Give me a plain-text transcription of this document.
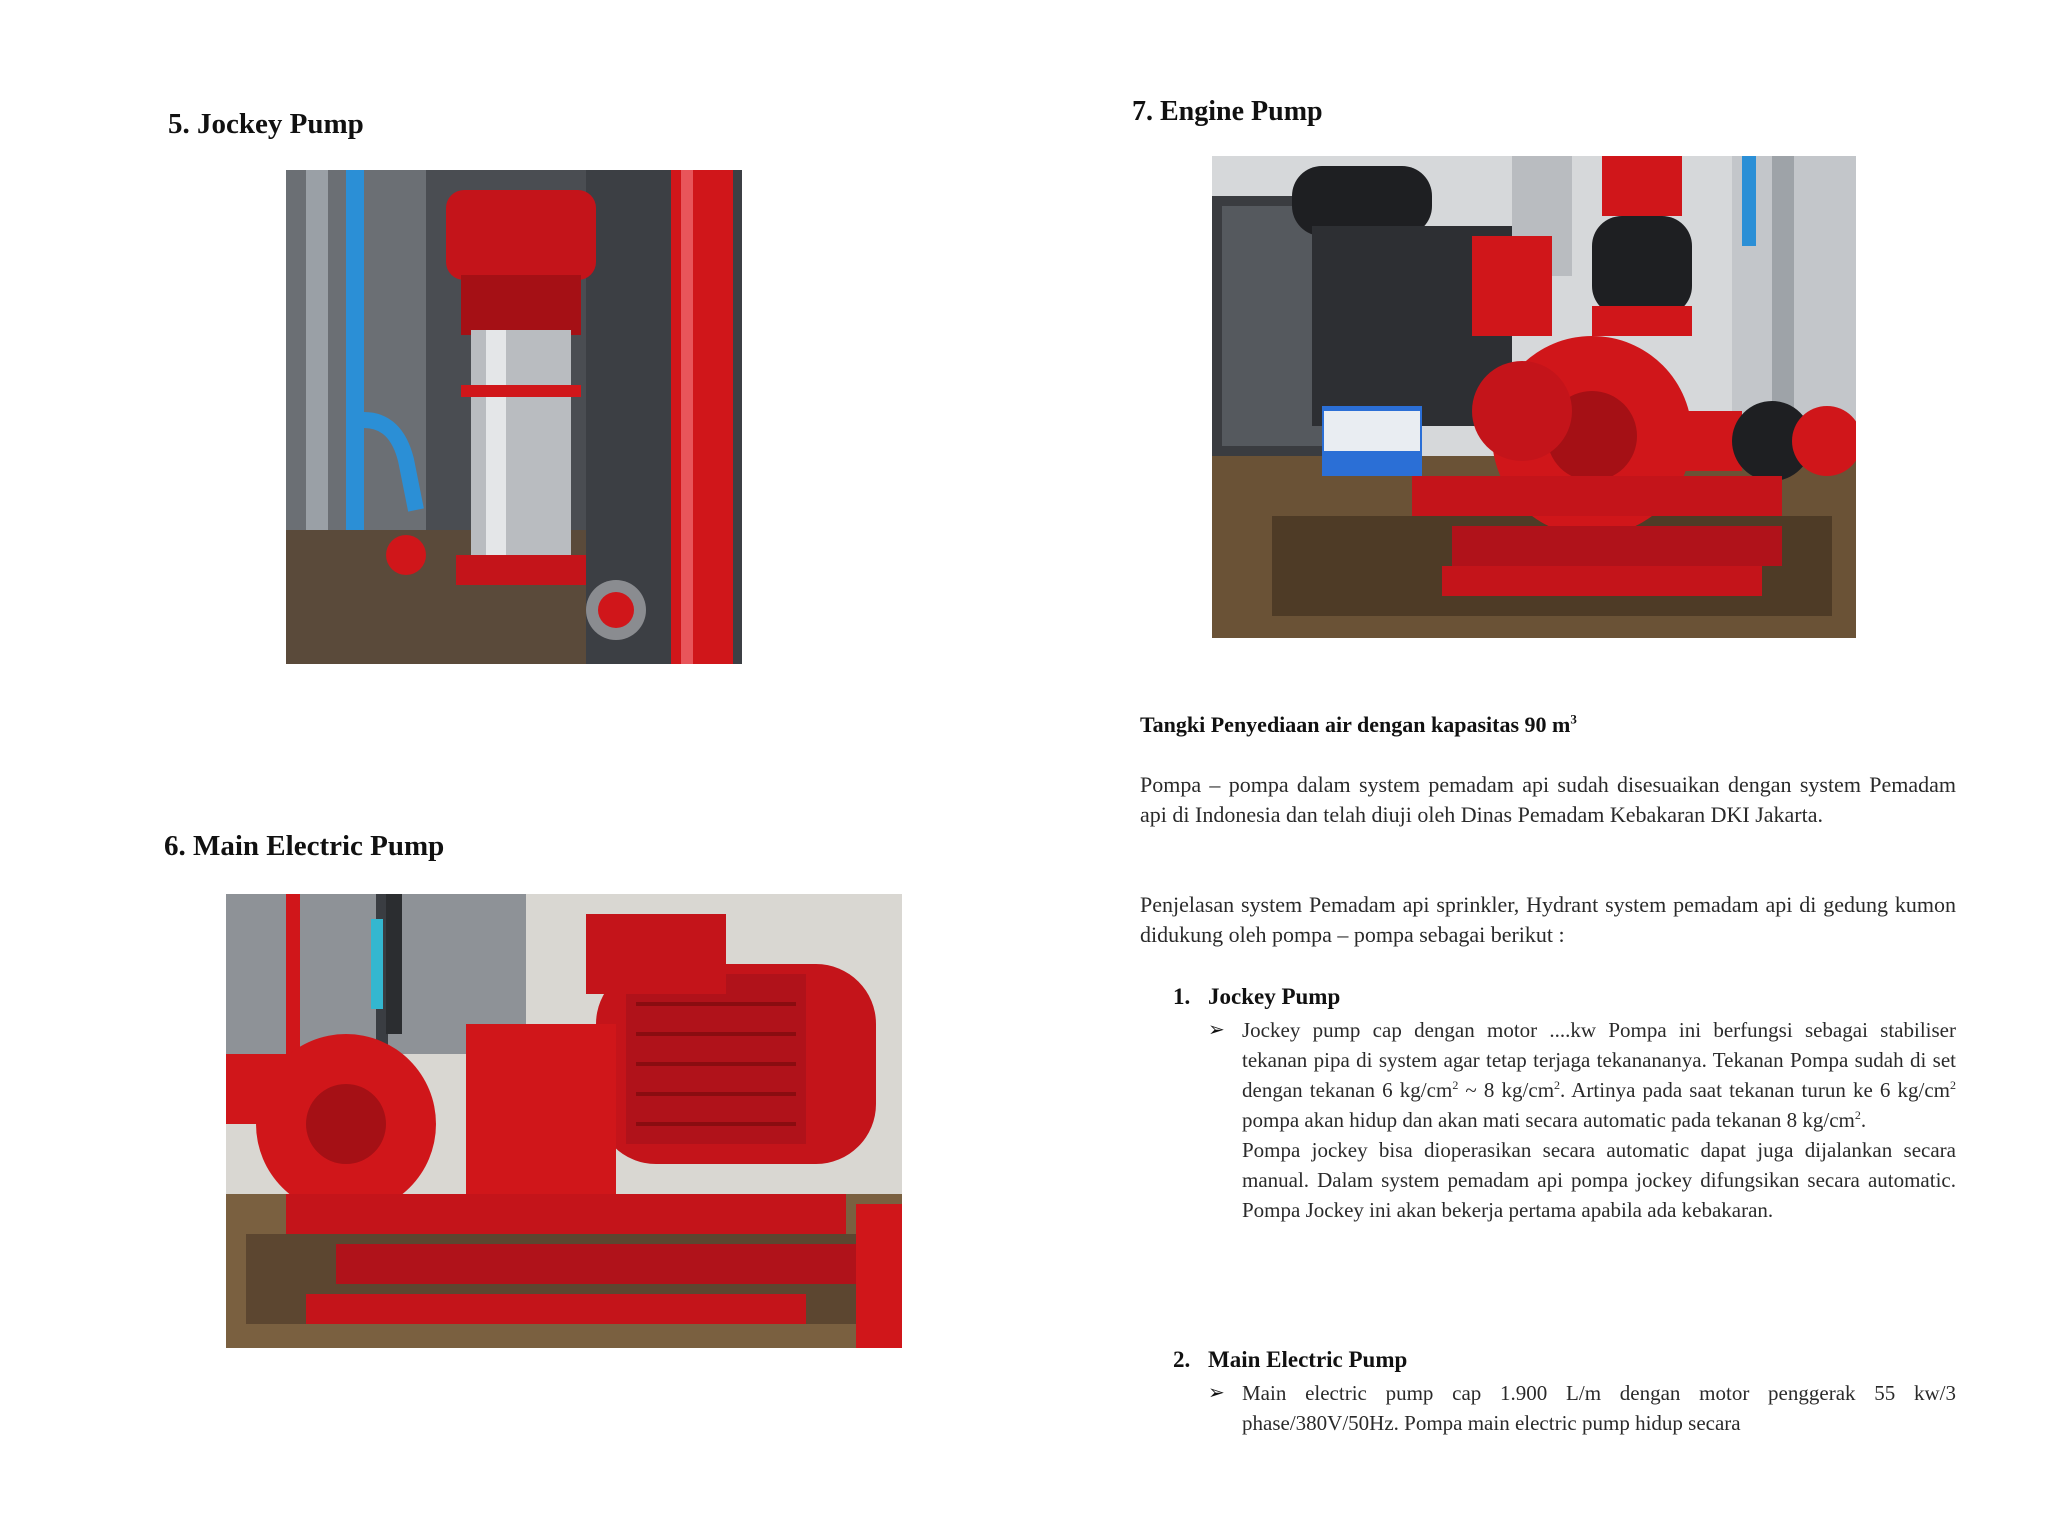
5. Jockey Pump
6. Main Electric Pump
7. Engine Pump
Tangki Penyediaan air dengan kapasitas 90 $m^3$

Pompa – pompa dalam system pemadam api sudah disesuaikan dengan system Pemadam api di Indonesia dan telah diuji oleh Dinas Pemadam Kebakaran DKI Jakarta.

Penjelasan system Pemadam api sprinkler, Hydrant system pemadam api di gedung kumon didukung oleh pompa – pompa sebagai berikut :

1. Jockey Pump
➢ Jockey pump cap dengan motor ....kw Pompa ini berfungsi sebagai stabiliser tekanan pipa di system agar tetap terjaga tekanananya. Tekanan Pompa sudah di set dengan tekanan 6 $kg/cm^2$ ~ 8 $kg/cm^2$. Artinya pada saat tekanan turun ke 6 $kg/cm^2$ pompa akan hidup dan akan mati secara automatic pada tekanan 8 $kg/cm^2$.

Pompa jockey bisa dioperasikan secara automatic dapat juga dijalankan secara manual. Dalam system pemadam api pompa jockey difungsikan secara automatic. Pompa Jockey ini akan bekerja pertama apabila ada kebakaran.

2. Main Electric Pump
➢ Main electric pump cap 1.900 L/m dengan motor penggerak 55 kw/3 phase/380V/50Hz. Pompa main electric pump hidup secara
